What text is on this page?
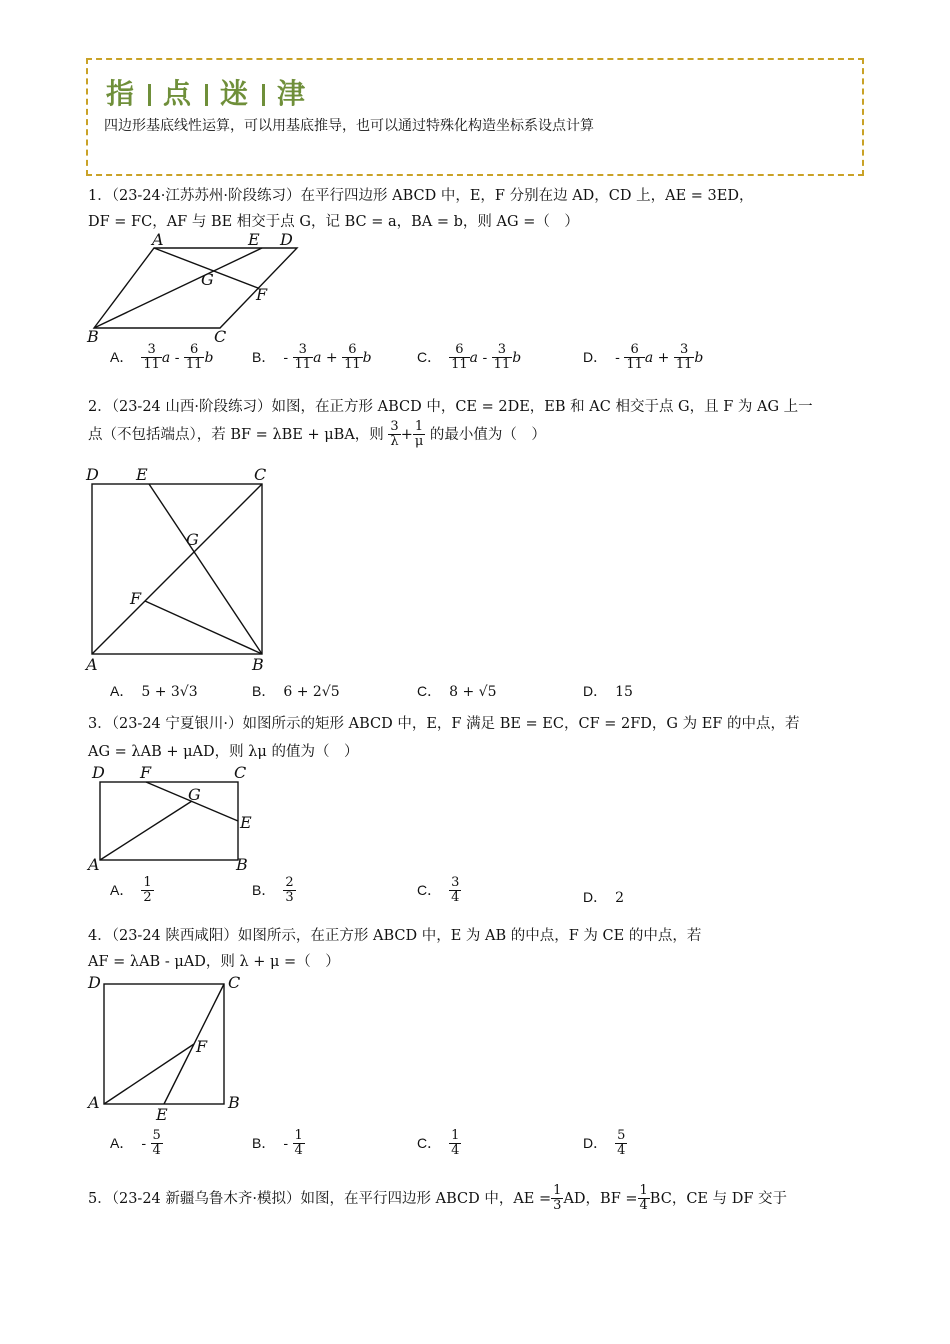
指 点 迷 津
四边形基底线性运算，可以用基底推导，也可以通过特殊化构造坐标系设点计算
1．（23-24·江苏苏州·阶段练习）在平行四边形 ABCD 中，E，F 分别在边 AD，CD 上，AE = 3ED，
DF = FC，AF 与 BE 相交于点 G，记 BC = a，BA = b，则 AG =（　）
A	E D
G
F
B	C
A． $\frac{3}{11}$ a - $\frac{6}{11}$ b	B． - $\frac{3}{11}$ $a + \frac{6}{11}$ b	C． $\frac{6}{11}$ a - $\frac{3}{11}$ b	D． - $\frac{6}{11}$ $a + \frac{3}{11}$ b
2．（23-24 山西·阶段练习）如图，在正方形 ABCD 中，CE = 2DE，EB 和 AC 相交于点 G，且 F 为 AG 上一
点（不包括端点），若 BF = λBE + μBA，则 $\frac{3}{\lambda} + \frac{1}{\mu}$ 的最小值为（　）
D E	C
G
F
A	B
A． 5 + 3√3	B． 6 + 2√5	C． 8 + √5	D． 15
3．（23-24 宁夏银川·）如图所示的矩形 ABCD 中，E，F 满足 BE = EC，CF = 2FD，G 为 EF 的中点，若
AG = λAB + μAD，则 λμ 的值为（　）
D F	C
G
E
A	B
A． $\frac{1}{2}$	B． $\frac{2}{3}$	C． $\frac{3}{4}$	D． 2
4．（23-24 陕西咸阳）如图所示，在正方形 ABCD 中，E 为 AB 的中点，F 为 CE 的中点，若
AF = λAB - μAD，则 λ + μ =（　）
D	C
F
A
E
B
A． - $\frac{5}{4}$	B． - $\frac{1}{4}$	C． $\frac{1}{4}$	D． $\frac{5}{4}$
5．（23-24 新疆乌鲁木齐·模拟）如图，在平行四边形 ABCD 中，AE = $\frac{1}{3}$ AD，BF = $\frac{1}{4}$ BC，CE 与 DF 交于
